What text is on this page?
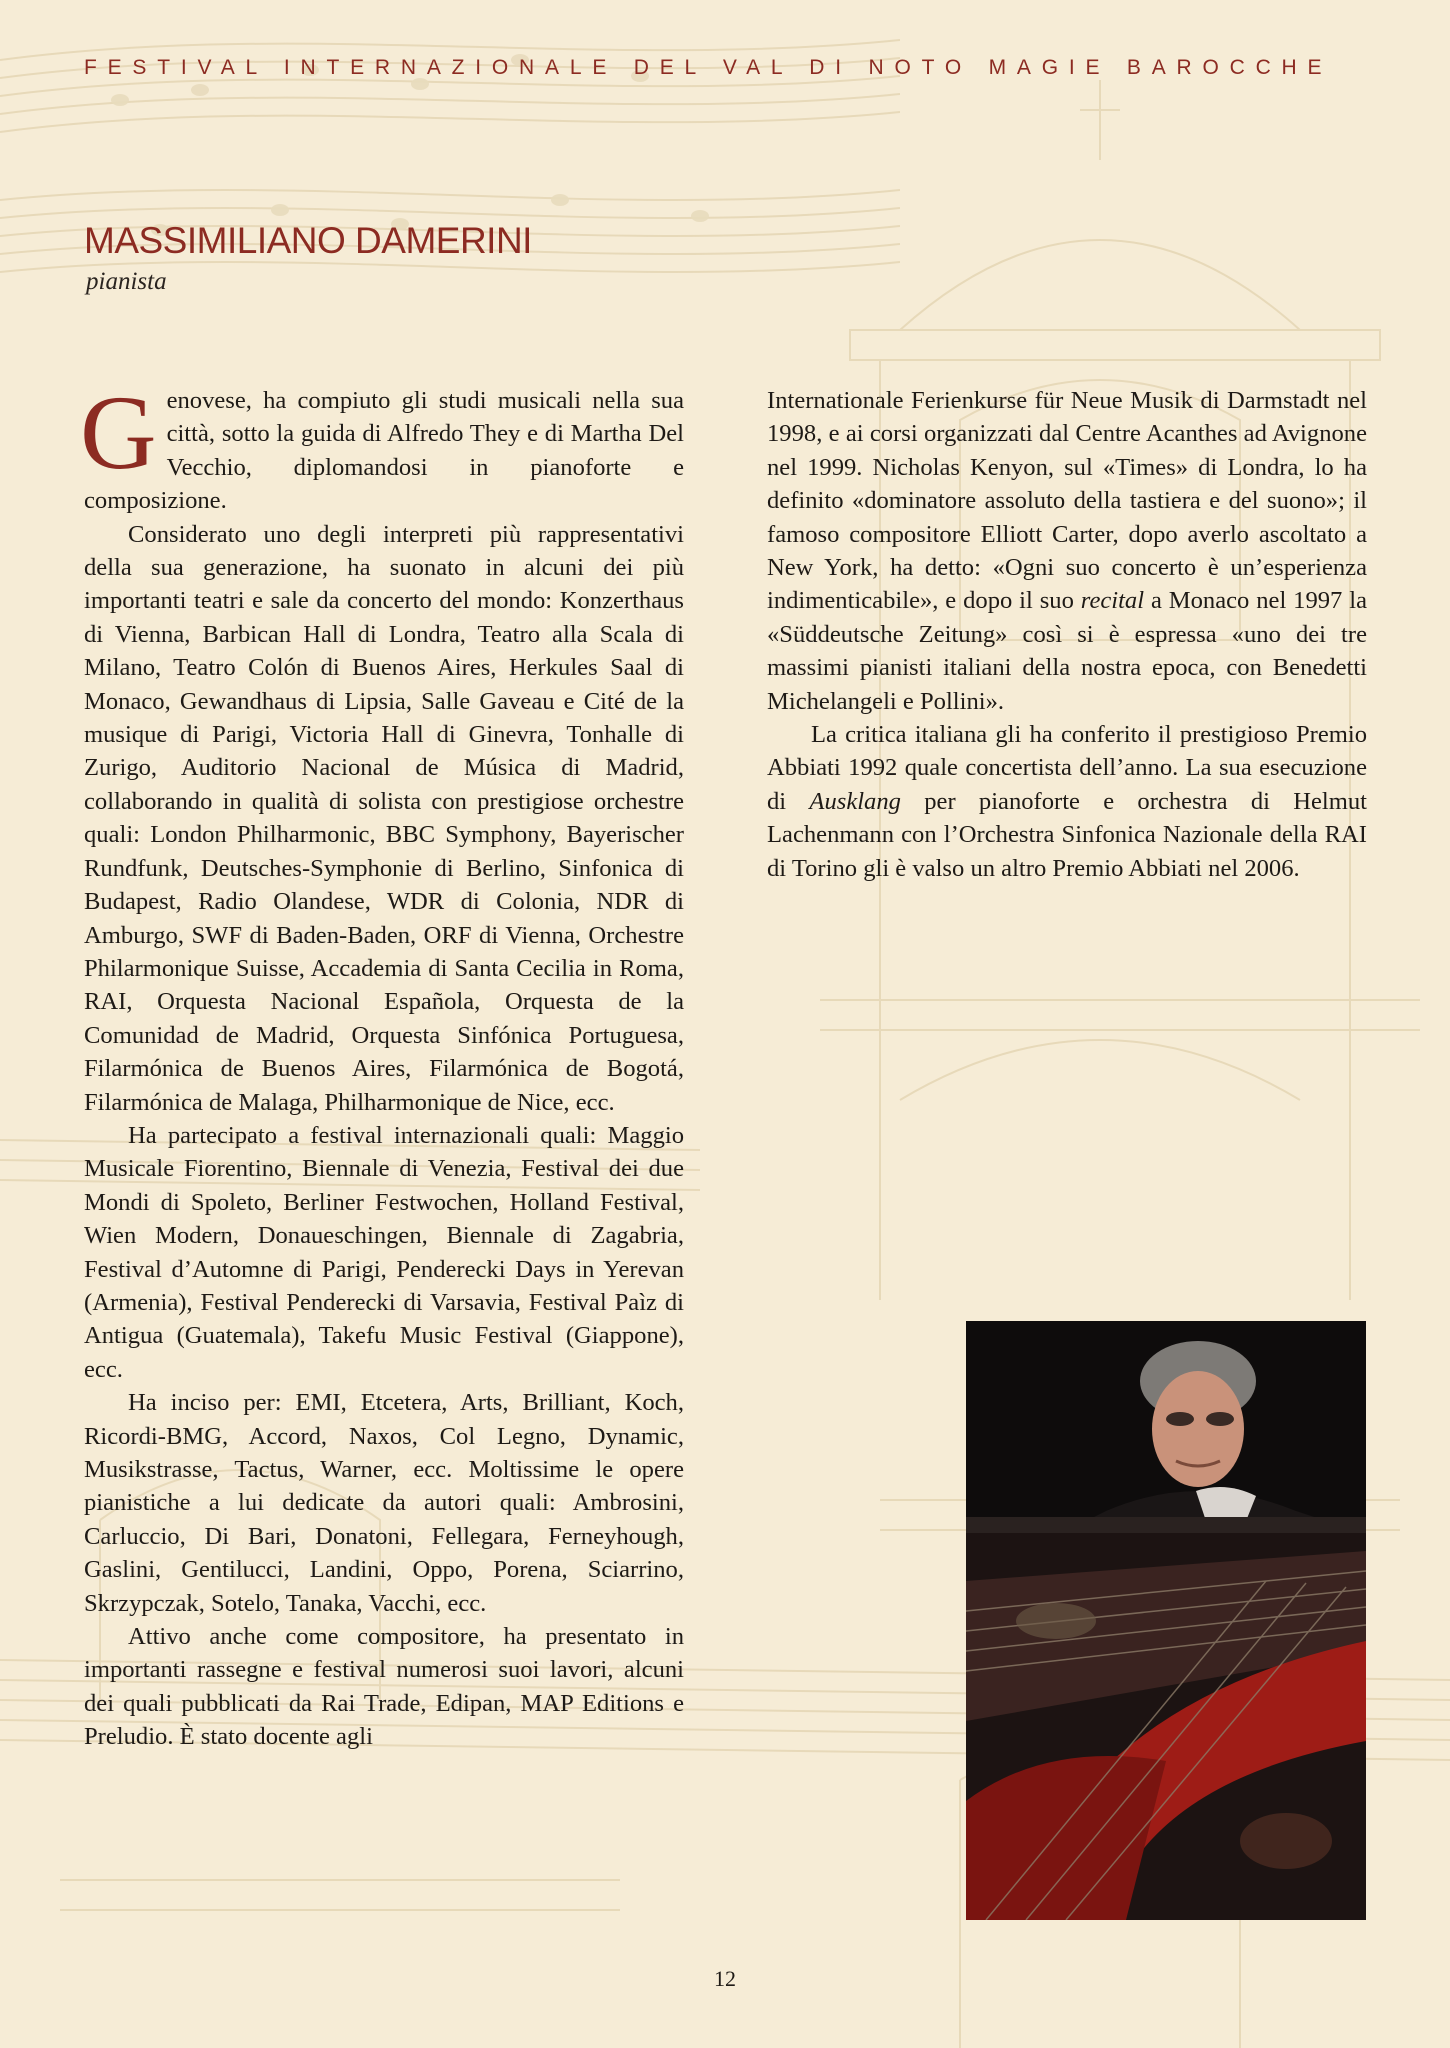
FESTIVAL INTERNAZIONALE DEL VAL DI NOTO MAGIE BAROCCHE
MASSIMILIANO DAMERINI
pianista

Genovese, ha compiuto gli studi musicali nella sua città, sotto la guida di Alfredo They e di Martha Del Vecchio, diplomandosi in pianoforte e composizione.

Considerato uno degli interpreti più rappresentativi della sua generazione, ha suonato in alcuni dei più importanti teatri e sale da concerto del mondo: Konzerthaus di Vienna, Barbican Hall di Londra, Teatro alla Scala di Milano, Teatro Colón di Buenos Aires, Herkules Saal di Monaco, Gewandhaus di Lipsia, Salle Gaveau e Cité de la musique di Parigi, Victoria Hall di Ginevra, Tonhalle di Zurigo, Auditorio Nacional de Música di Madrid, collaborando in qualità di solista con prestigiose orchestre quali: London Philharmonic, BBC Symphony, Bayerischer Rundfunk, Deutsches-Symphonie di Berlino, Sinfonica di Budapest, Radio Olandese, WDR di Colonia, NDR di Amburgo, SWF di Baden-Baden, ORF di Vienna, Orchestre Philarmonique Suisse, Accademia di Santa Cecilia in Roma, RAI, Orquesta Nacional Española, Orquesta de la Comunidad de Madrid, Orquesta Sinfónica Portuguesa, Filarmónica de Buenos Aires, Filarmónica de Bogotá, Filarmónica de Malaga, Philharmonique de Nice, ecc.

Ha partecipato a festival internazionali quali: Maggio Musicale Fiorentino, Biennale di Venezia, Festival dei due Mondi di Spoleto, Berliner Festwochen, Holland Festival, Wien Modern, Donaueschingen, Biennale di Zagabria, Festival d’Automne di Parigi, Penderecki Days in Yerevan (Armenia), Festival Penderecki di Varsavia, Festival Paìz di Antigua (Guatemala), Takefu Music Festival (Giappone), ecc.

Ha inciso per: EMI, Etcetera, Arts, Brilliant, Koch, Ricordi-BMG, Accord, Naxos, Col Legno, Dynamic, Musikstrasse, Tactus, Warner, ecc. Moltissime le opere pianistiche a lui dedicate da autori quali: Ambrosini, Carluccio, Di Bari, Donatoni, Fellegara, Ferneyhough, Gaslini, Gentilucci, Landini, Oppo, Porena, Sciarrino, Skrzypczak, Sotelo, Tanaka, Vacchi, ecc.

Attivo anche come compositore, ha presentato in importanti rassegne e festival numerosi suoi lavori, alcuni dei quali pubblicati da Rai Trade, Edipan, MAP Editions e Preludio. È stato docente agli

Internationale Ferienkurse für Neue Musik di Darmstadt nel 1998, e ai corsi organizzati dal Centre Acanthes ad Avignone nel 1999. Nicholas Kenyon, sul «Times» di Londra, lo ha definito «dominatore assoluto della tastiera e del suono»; il famoso compositore Elliott Carter, dopo averlo ascoltato a New York, ha detto: «Ogni suo concerto è un’esperienza indimenticabile», e dopo il suo recital a Monaco nel 1997 la «Süddeutsche Zeitung» così si è espressa «uno dei tre massimi pianisti italiani della nostra epoca, con Benedetti Michelangeli e Pollini».

La critica italiana gli ha conferito il prestigioso Premio Abbiati 1992 quale concertista dell’anno. La sua esecuzione di Ausklang per pianoforte e orchestra di Helmut Lachenmann con l’Orchestra Sinfonica Nazionale della RAI di Torino gli è valso un altro Premio Abbiati nel 2006.

12
